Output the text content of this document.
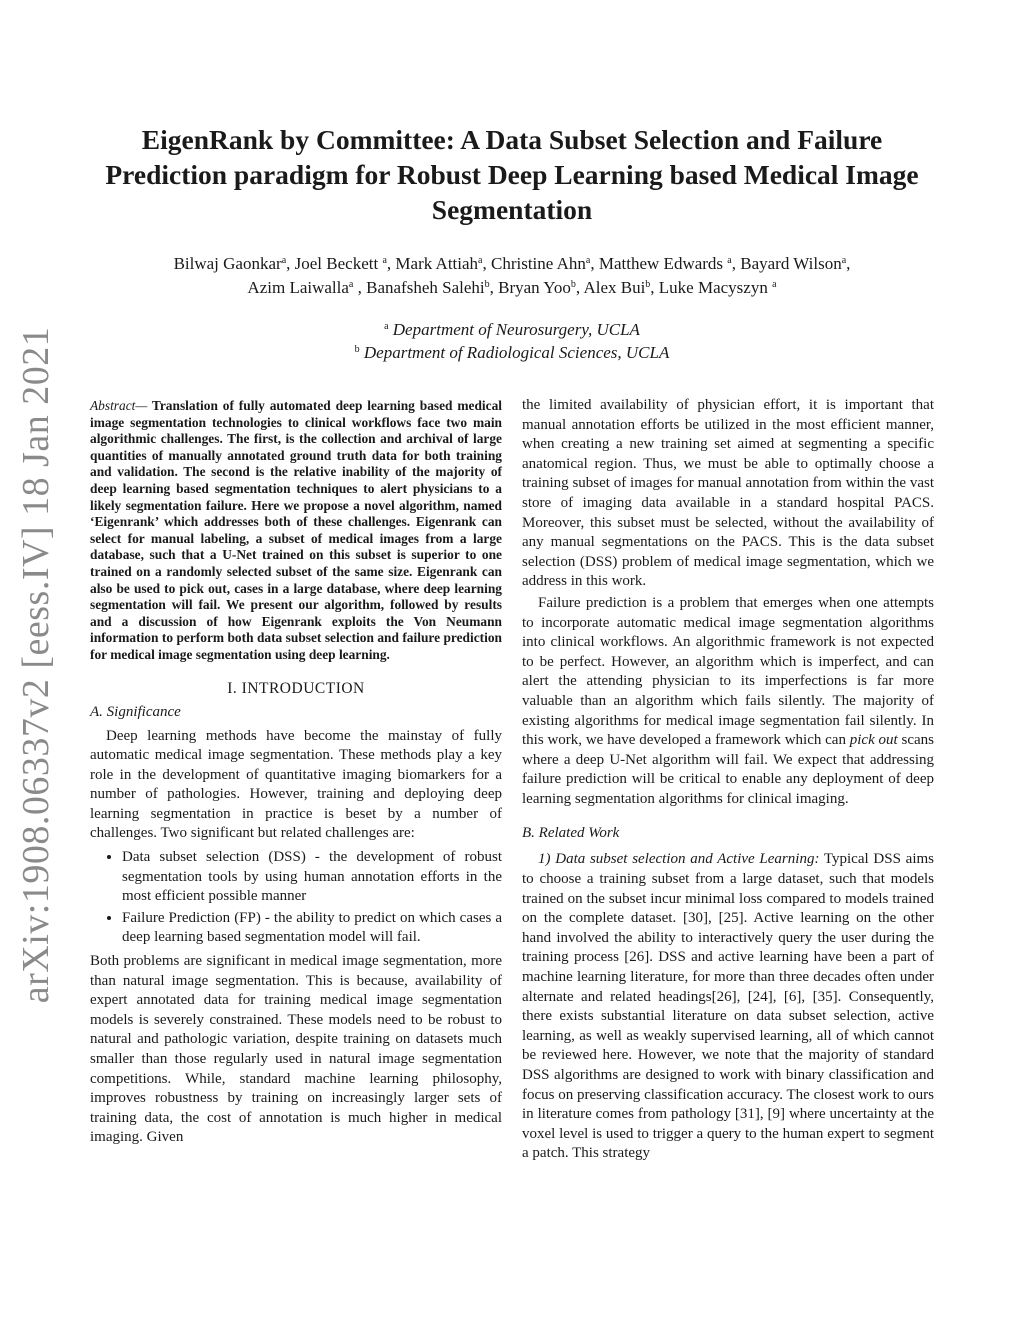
arXiv:1908.06337v2 [eess.IV] 18 Jan 2021
EigenRank by Committee: A Data Subset Selection and Failure Prediction paradigm for Robust Deep Learning based Medical Image Segmentation
Bilwaj Gaonkar$^a$, Joel Beckett $^a$, Mark Attiah$^a$, Christine Ahn$^a$, Matthew Edwards $^a$, Bayard Wilson$^a$,
Azim Laiwalla$^a$ , Banafsheh Salehi$^b$, Bryan Yoo$^b$, Alex Bui$^b$, Luke Macyszyn $^a$
$^a$ Department of Neurosurgery, UCLA
$^b$ Department of Radiological Sciences, UCLA

Abstract— Translation of fully automated deep learning based medical image segmentation technologies to clinical workflows face two main algorithmic challenges. The first, is the collection and archival of large quantities of manually annotated ground truth data for both training and validation. The second is the relative inability of the majority of deep learning based segmentation techniques to alert physicians to a likely segmentation failure. Here we propose a novel algorithm, named ‘Eigenrank’ which addresses both of these challenges. Eigenrank can select for manual labeling, a subset of medical images from a large database, such that a U-Net trained on this subset is superior to one trained on a randomly selected subset of the same size. Eigenrank can also be used to pick out, cases in a large database, where deep learning segmentation will fail. We present our algorithm, followed by results and a discussion of how Eigenrank exploits the Von Neumann information to perform both data subset selection and failure prediction for medical image segmentation using deep learning.

I. INTRODUCTION
A. Significance

Deep learning methods have become the mainstay of fully automatic medical image segmentation. These methods play a key role in the development of quantitative imaging biomarkers for a number of pathologies. However, training and deploying deep learning segmentation in practice is beset by a number of challenges. Two significant but related challenges are:

• Data subset selection (DSS) - the development of robust segmentation tools by using human annotation efforts in the most efficient possible manner
• Failure Prediction (FP) - the ability to predict on which cases a deep learning based segmentation model will fail.

Both problems are significant in medical image segmentation, more than natural image segmentation. This is because, availability of expert annotated data for training medical image segmentation models is severely constrained. These models need to be robust to natural and pathologic variation, despite training on datasets much smaller than those regularly used in natural image segmentation competitions. While, standard machine learning philosophy, improves robustness by training on increasingly larger sets of training data, the cost of annotation is much higher in medical imaging. Given

the limited availability of physician effort, it is important that manual annotation efforts be utilized in the most efficient manner, when creating a new training set aimed at segmenting a specific anatomical region. Thus, we must be able to optimally choose a training subset of images for manual annotation from within the vast store of imaging data available in a standard hospital PACS. Moreover, this subset must be selected, without the availability of any manual segmentations on the PACS. This is the data subset selection (DSS) problem of medical image segmentation, which we address in this work.

Failure prediction is a problem that emerges when one attempts to incorporate automatic medical image segmentation algorithms into clinical workflows. An algorithmic framework is not expected to be perfect. However, an algorithm which is imperfect, and can alert the attending physician to its imperfections is far more valuable than an algorithm which fails silently. The majority of existing algorithms for medical image segmentation fail silently. In this work, we have developed a framework which can pick out scans where a deep U-Net algorithm will fail. We expect that addressing failure prediction will be critical to enable any deployment of deep learning segmentation algorithms for clinical imaging.

B. Related Work

1) Data subset selection and Active Learning: Typical DSS aims to choose a training subset from a large dataset, such that models trained on the subset incur minimal loss compared to models trained on the complete dataset. [30], [25]. Active learning on the other hand involved the ability to interactively query the user during the training process [26]. DSS and active learning have been a part of machine learning literature, for more than three decades often under alternate and related headings[26], [24], [6], [35]. Consequently, there exists substantial literature on data subset selection, active learning, as well as weakly supervised learning, all of which cannot be reviewed here. However, we note that the majority of standard DSS algorithms are designed to work with binary classification and focus on preserving classification accuracy. The closest work to ours in literature comes from pathology [31], [9] where uncertainty at the voxel level is used to trigger a query to the human expert to segment a patch. This strategy
